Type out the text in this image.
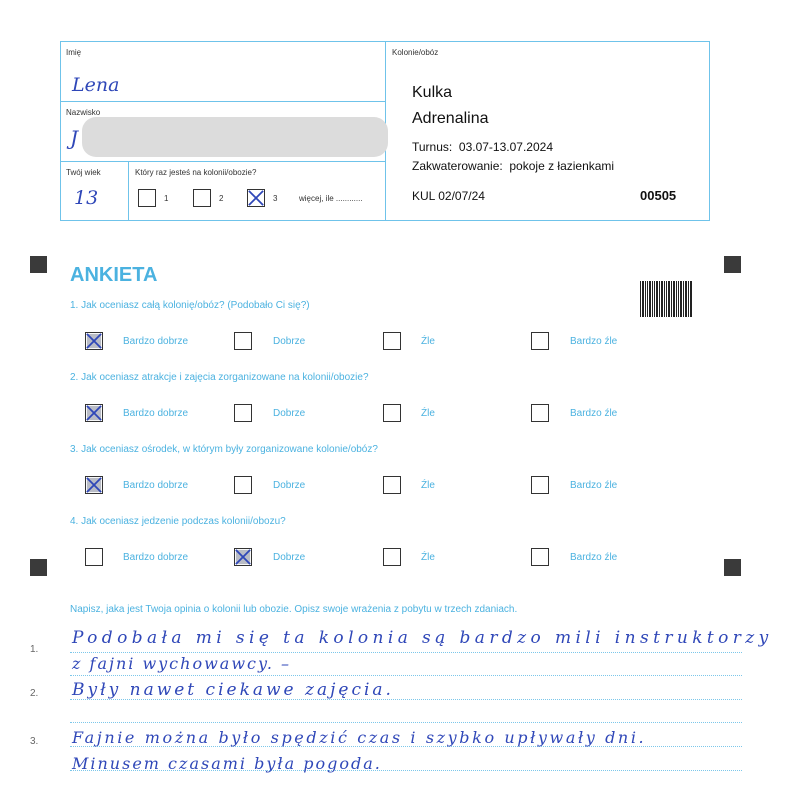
Imię
Lena
Nazwisko
J
Twój wiek
13
Który raz jesteś na kolonii/obozie?
1	2	3	więcej, ile ............
Kolonie/obóz
Kulka
Adrenalina
Turnus:  03.07-13.07.2024
Zakwaterowanie:  pokoje z łazienkami
KUL 02/07/24	00505
ANKIETA
1. Jak oceniasz całą kolonię/obóz? (Podobało Ci się?)
Bardzo dobrze	Dobrze	Źle	Bardzo źle
2. Jak oceniasz atrakcje i zajęcia zorganizowane na kolonii/obozie?
Bardzo dobrze	Dobrze	Źle	Bardzo źle
3. Jak oceniasz ośrodek, w którym były zorganizowane kolonie/obóz?
Bardzo dobrze	Dobrze	Źle	Bardzo źle
4. Jak oceniasz jedzenie podczas kolonii/obozu?
Bardzo dobrze	Dobrze	Źle	Bardzo źle
Napisz, jaka jest Twoja opinia o kolonii lub obozie. Opisz swoje wrażenia z pobytu w trzech zdaniach.
1.
2.
3.
Podobała mi się ta kolonia są bardzo mili instruktorzy
z fajni wychowawcy. –
Były nawet ciekawe zajęcia.
Fajnie można było spędzić czas i szybko upływały dni.
Minusem czasami była pogoda.
